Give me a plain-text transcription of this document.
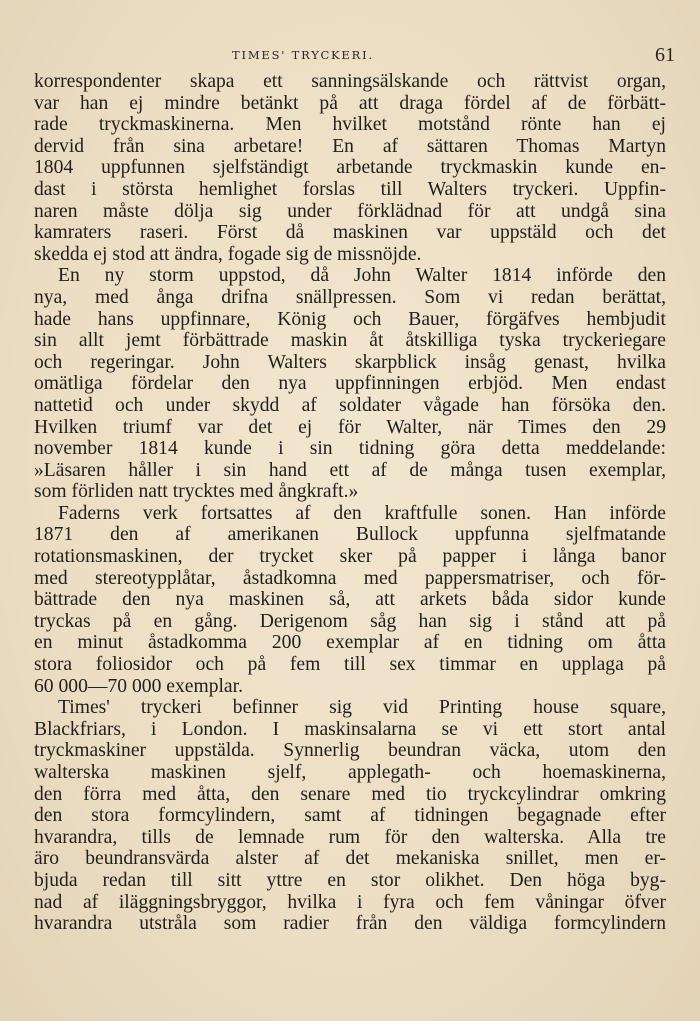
TIMES' TRYCKERI.	61
korrespondenter skapa ett sanningsälskande och rättvist organ,
var han ej mindre betänkt på att draga fördel af de förbätt-
rade tryckmaskinerna. Men hvilket motstånd rönte han ej
dervid från sina arbetare! En af sättaren Thomas Martyn
1804 uppfunnen sjelfständigt arbetande tryckmaskin kunde en-
dast i största hemlighet forslas till Walters tryckeri. Uppfin-
naren måste dölja sig under förklädnad för att undgå sina
kamraters raseri. Först då maskinen var uppstäld och det
skedda ej stod att ändra, fogade sig de missnöjde.
En ny storm uppstod, då John Walter 1814 införde den
nya, med ånga drifna snällpressen. Som vi redan berättat,
hade hans uppfinnare, König och Bauer, förgäfves hembjudit
sin allt jemt förbättrade maskin åt åtskilliga tyska tryckeriegare
och regeringar. John Walters skarpblick insåg genast, hvilka
omätliga fördelar den nya uppfinningen erbjöd. Men endast
nattetid och under skydd af soldater vågade han försöka den.
Hvilken triumf var det ej för Walter, när Times den 29
november 1814 kunde i sin tidning göra detta meddelande:
»Läsaren håller i sin hand ett af de många tusen exemplar,
som förliden natt trycktes med ångkraft.»
Faderns verk fortsattes af den kraftfulle sonen. Han införde
1871 den af amerikanen Bullock uppfunna sjelfmatande
rotationsmaskinen, der trycket sker på papper i långa banor
med stereotypplåtar, åstadkomna med pappersmatriser, och för-
bättrade den nya maskinen så, att arkets båda sidor kunde
tryckas på en gång. Derigenom såg han sig i stånd att på
en minut åstadkomma 200 exemplar af en tidning om åtta
stora foliosidor och på fem till sex timmar en upplaga på
60 000—70 000 exemplar.
Times' tryckeri befinner sig vid Printing house square,
Blackfriars, i London. I maskinsalarna se vi ett stort antal
tryckmaskiner uppstälda. Synnerlig beundran väcka, utom den
walterska maskinen sjelf, applegath- och hoemaskinerna,
den förra med åtta, den senare med tio tryckcylindrar omkring
den stora formcylindern, samt af tidningen begagnade efter
hvarandra, tills de lemnade rum för den walterska. Alla tre
äro beundransvärda alster af det mekaniska snillet, men er-
bjuda redan till sitt yttre en stor olikhet. Den höga byg-
nad af iläggningsbryggor, hvilka i fyra och fem våningar öfver
hvarandra utstråla som radier från den väldiga formcylindern
